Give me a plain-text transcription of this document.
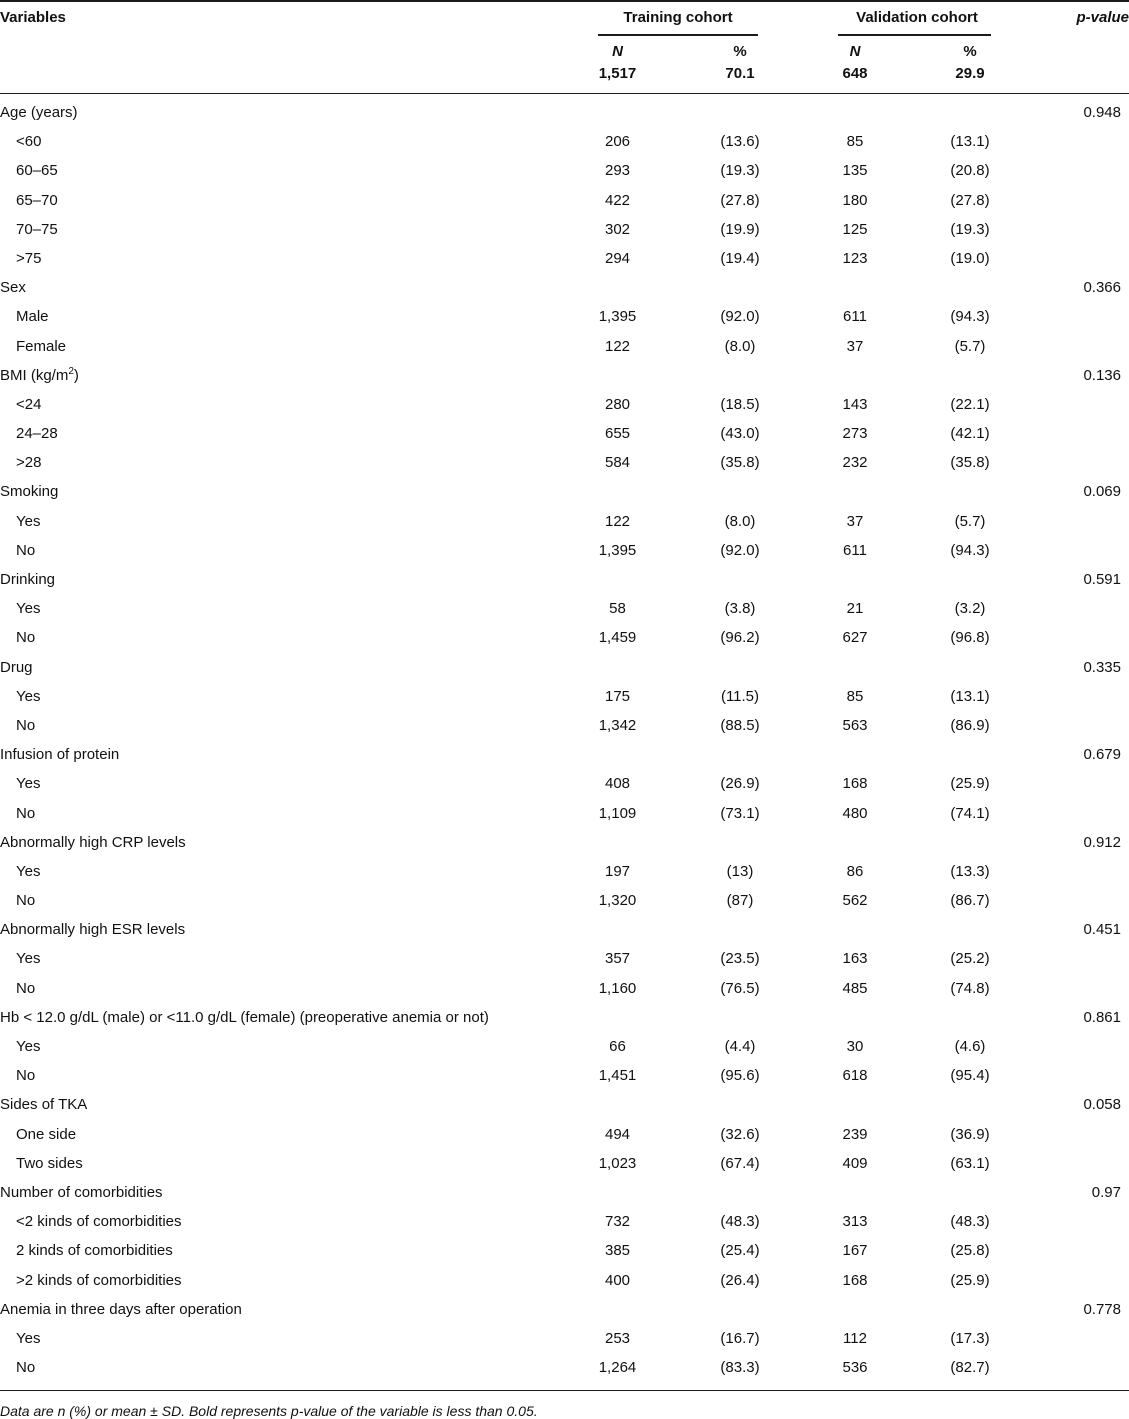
Variables	Training cohort	Validation cohort	p-value
N	%	N	%
1,517	70.1	648	29.9
Age (years)	0.948
<60	206	(13.6)	85	(13.1)
60–65	293	(19.3)	135	(20.8)
65–70	422	(27.8)	180	(27.8)
70–75	302	(19.9)	125	(19.3)
>75	294	(19.4)	123	(19.0)
Sex	0.366
Male	1,395	(92.0)	611	(94.3)
Female	122	(8.0)	37	(5.7)
BMI $(kg/m^2)$	0.136
<24	280	(18.5)	143	(22.1)
24–28	655	(43.0)	273	(42.1)
>28	584	(35.8)	232	(35.8)
Smoking	0.069
Yes	122	(8.0)	37	(5.7)
No	1,395	(92.0)	611	(94.3)
Drinking	0.591
Yes	58	(3.8)	21	(3.2)
No	1,459	(96.2)	627	(96.8)
Drug	0.335
Yes	175	(11.5)	85	(13.1)
No	1,342	(88.5)	563	(86.9)
Infusion of protein	0.679
Yes	408	(26.9)	168	(25.9)
No	1,109	(73.1)	480	(74.1)
Abnormally high CRP levels	0.912
Yes	197	(13)	86	(13.3)
No	1,320	(87)	562	(86.7)
Abnormally high ESR levels	0.451
Yes	357	(23.5)	163	(25.2)
No	1,160	(76.5)	485	(74.8)
Hb < 12.0 g/dL (male) or <11.0 g/dL (female) (preoperative anemia or not)	0.861
Yes	66	(4.4)	30	(4.6)
No	1,451	(95.6)	618	(95.4)
Sides of TKA	0.058
One side	494	(32.6)	239	(36.9)
Two sides	1,023	(67.4)	409	(63.1)
Number of comorbidities	0.97
<2 kinds of comorbidities	732	(48.3)	313	(48.3)
2 kinds of comorbidities	385	(25.4)	167	(25.8)
>2 kinds of comorbidities	400	(26.4)	168	(25.9)
Anemia in three days after operation	0.778
Yes	253	(16.7)	112	(17.3)
No	1,264	(83.3)	536	(82.7)
Data are n (%) or mean ± SD. Bold represents p-value of the variable is less than 0.05.
